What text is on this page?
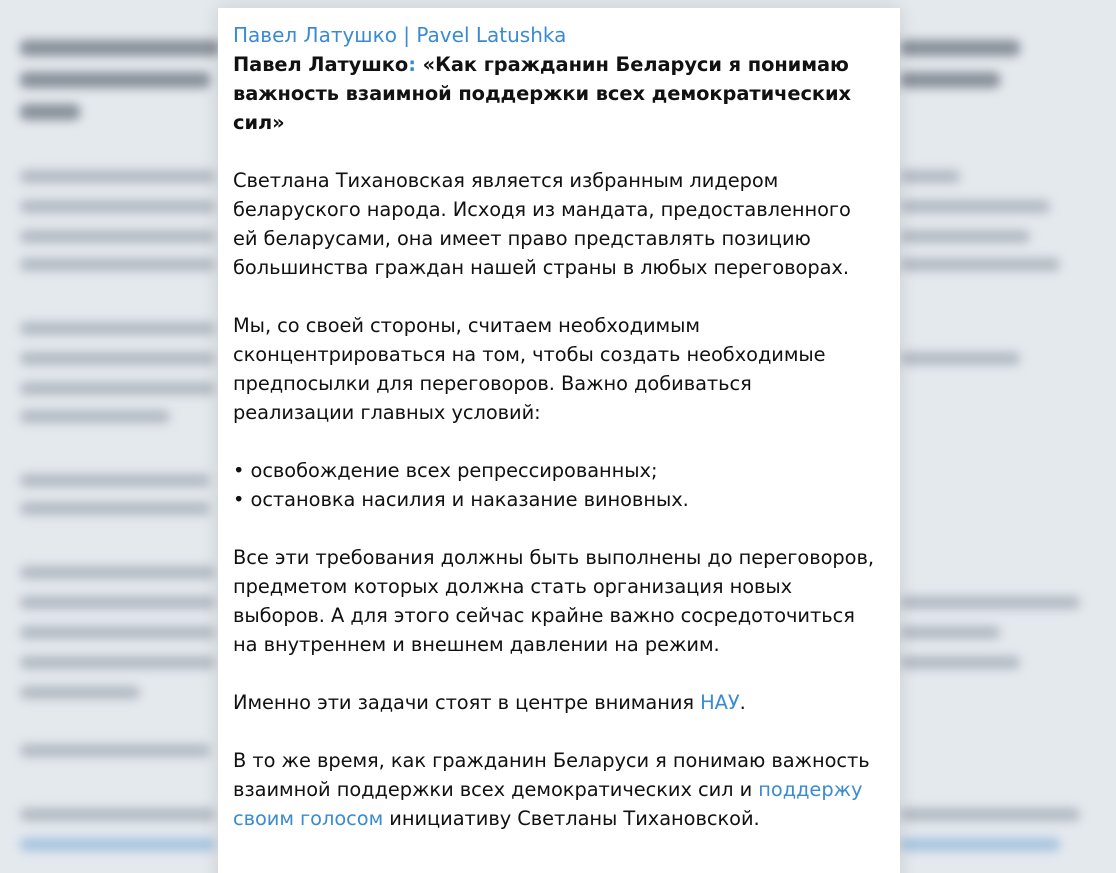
Павел Латушко | Pavel Latushka

Павел Латушко: «Как гражданин Беларуси я понимаю важность взаимной поддержки всех демократических сил»

Светлана Тихановская является избранным лидером беларуского народа. Исходя из мандата, предоставленного ей беларусами, она имеет право представлять позицию большинства граждан нашей страны в любых переговорах.

Мы, со своей стороны, считаем необходимым сконцентрироваться на том, чтобы создать необходимые предпосылки для переговоров. Важно добиваться реализации главных условий:

• освобождение всех репрессированных;

• остановка насилия и наказание виновных.

Все эти требования должны быть выполнены до переговоров, предметом которых должна стать организация новых выборов. А для этого сейчас крайне важно сосредоточиться на внутреннем и внешнем давлении на режим.

Именно эти задачи стоят в центре внимания НАУ.

В то же время, как гражданин Беларуси я понимаю важность взаимной поддержки всех демократических сил и поддержу своим голосом инициативу Светланы Тихановской.
